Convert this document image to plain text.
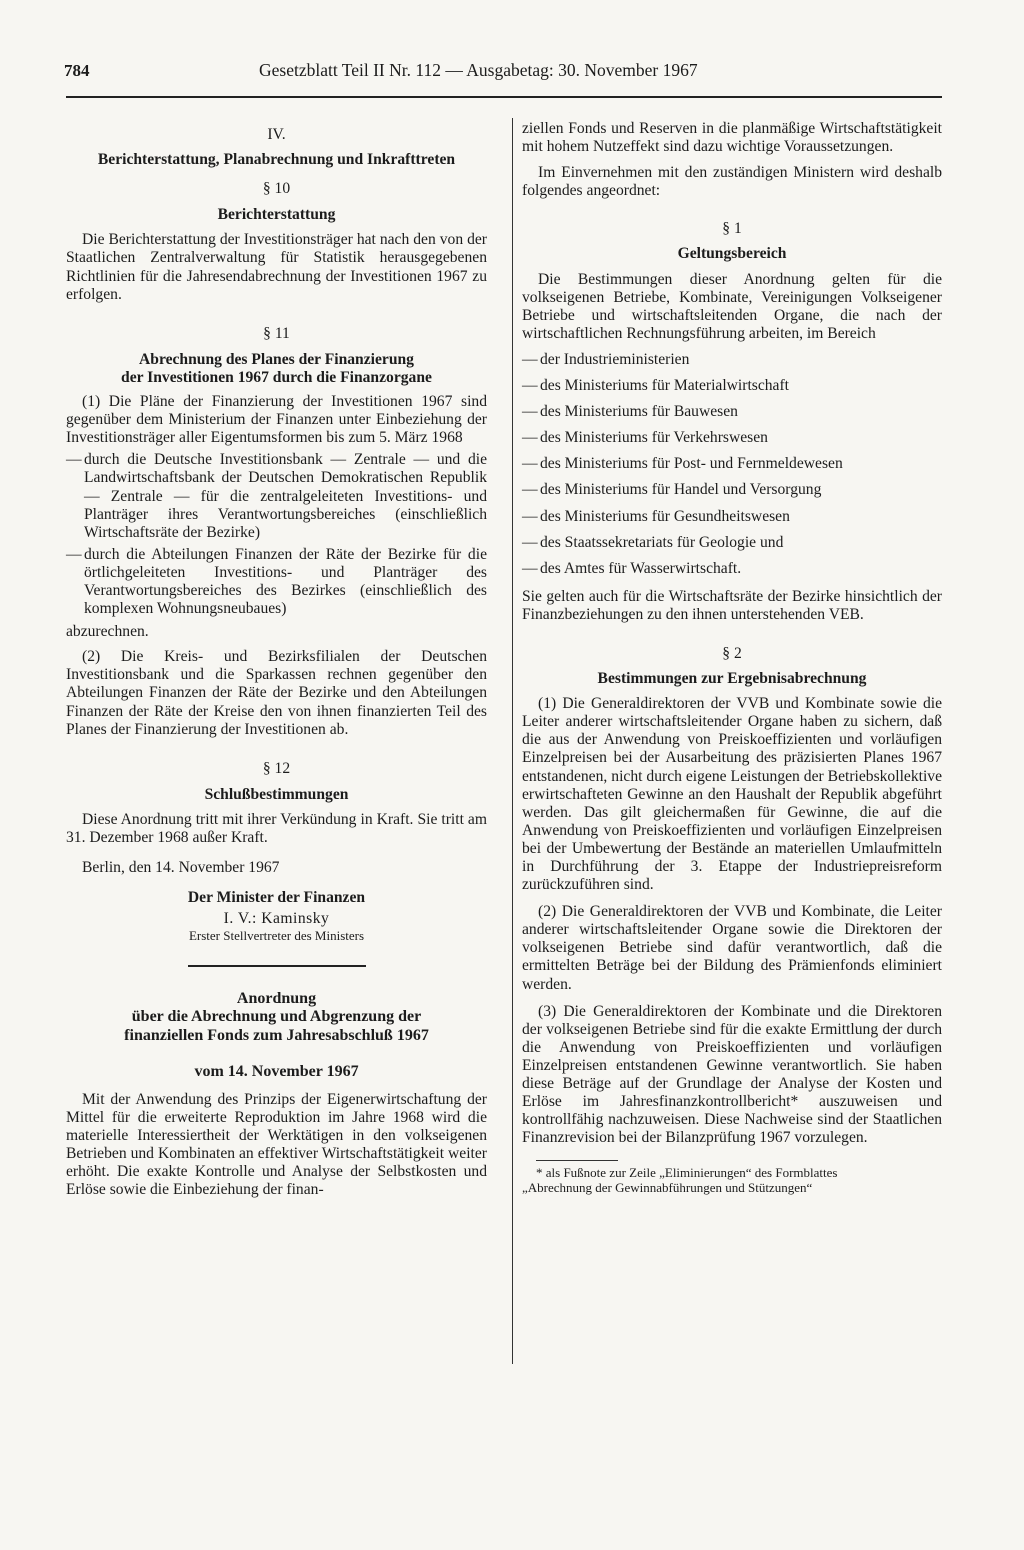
784	Gesetzblatt Teil II Nr. 112 — Ausgabetag: 30. November 1967

IV.

Berichterstattung, Planabrechnung und Inkrafttreten

§ 10

Berichterstattung

Die Berichterstattung der Investitionsträger hat nach den von der Staatlichen Zentralverwaltung für Statistik herausgegebenen Richtlinien für die Jahresendabrechnung der Investitionen 1967 zu erfolgen.

§ 11

Abrechnung des Planes der Finanzierung

der Investitionen 1967 durch die Finanzorgane

(1) Die Pläne der Finanzierung der Investitionen 1967 sind gegenüber dem Ministerium der Finanzen unter Einbeziehung der Investitionsträger aller Eigentumsformen bis zum 5. März 1968

— durch die Deutsche Investitionsbank — Zentrale — und die Landwirtschaftsbank der Deutschen Demokratischen Republik — Zentrale — für die zentralgeleiteten Investitions- und Planträger ihres Verantwortungsbereiches (einschließlich Wirtschaftsräte der Bezirke)
— durch die Abteilungen Finanzen der Räte der Bezirke für die örtlichgeleiteten Investitions- und Planträger des Verantwortungsbereiches des Bezirkes (einschließlich des komplexen Wohnungsneubaues)

abzurechnen.

(2) Die Kreis- und Bezirksfilialen der Deutschen Investitionsbank und die Sparkassen rechnen gegenüber den Abteilungen Finanzen der Räte der Bezirke und den Abteilungen Finanzen der Räte der Kreise den von ihnen finanzierten Teil des Planes der Finanzierung der Investitionen ab.

§ 12

Schlußbestimmungen

Diese Anordnung tritt mit ihrer Verkündung in Kraft. Sie tritt am 31. Dezember 1968 außer Kraft.

Berlin, den 14. November 1967

Der Minister der Finanzen

I. V.: Kaminsky

Erster Stellvertreter des Ministers

Anordnung

über die Abrechnung und Abgrenzung der

finanziellen Fonds zum Jahresabschluß 1967

vom 14. November 1967

Mit der Anwendung des Prinzips der Eigenerwirtschaftung der Mittel für die erweiterte Reproduktion im Jahre 1968 wird die materielle Interessiertheit der Werktätigen in den volkseigenen Betrieben und Kombinaten an effektiver Wirtschaftstätigkeit weiter erhöht. Die exakte Kontrolle und Analyse der Selbstkosten und Erlöse sowie die Einbeziehung der finan-

ziellen Fonds und Reserven in die planmäßige Wirtschaftstätigkeit mit hohem Nutzeffekt sind dazu wichtige Voraussetzungen.

Im Einvernehmen mit den zuständigen Ministern wird deshalb folgendes angeordnet:

§ 1

Geltungsbereich

Die Bestimmungen dieser Anordnung gelten für die volkseigenen Betriebe, Kombinate, Vereinigungen Volkseigener Betriebe und wirtschaftsleitenden Organe, die nach der wirtschaftlichen Rechnungsführung arbeiten, im Bereich

— der Industrieministerien
— des Ministeriums für Materialwirtschaft
— des Ministeriums für Bauwesen
— des Ministeriums für Verkehrswesen
— des Ministeriums für Post- und Fernmeldewesen
— des Ministeriums für Handel und Versorgung
— des Ministeriums für Gesundheitswesen
— des Staatssekretariats für Geologie und
— des Amtes für Wasserwirtschaft.

Sie gelten auch für die Wirtschaftsräte der Bezirke hinsichtlich der Finanzbeziehungen zu den ihnen unterstehenden VEB.

§ 2

Bestimmungen zur Ergebnisabrechnung

(1) Die Generaldirektoren der VVB und Kombinate sowie die Leiter anderer wirtschaftsleitender Organe haben zu sichern, daß die aus der Anwendung von Preiskoeffizienten und vorläufigen Einzelpreisen bei der Ausarbeitung des präzisierten Planes 1967 entstandenen, nicht durch eigene Leistungen der Betriebskollektive erwirtschafteten Gewinne an den Haushalt der Republik abgeführt werden. Das gilt gleichermaßen für Gewinne, die auf die Anwendung von Preiskoeffizienten und vorläufigen Einzelpreisen bei der Umbewertung der Bestände an materiellen Umlaufmitteln in Durchführung der 3. Etappe der Industriepreisreform zurückzuführen sind.

(2) Die Generaldirektoren der VVB und Kombinate, die Leiter anderer wirtschaftsleitender Organe sowie die Direktoren der volkseigenen Betriebe sind dafür verantwortlich, daß die ermittelten Beträge bei der Bildung des Prämienfonds eliminiert werden.

(3) Die Generaldirektoren der Kombinate und die Direktoren der volkseigenen Betriebe sind für die exakte Ermittlung der durch die Anwendung von Preiskoeffizienten und vorläufigen Einzelpreisen entstandenen Gewinne verantwortlich. Sie haben diese Beträge auf der Grundlage der Analyse der Kosten und Erlöse im Jahresfinanzkontrollbericht* auszuweisen und kontrollfähig nachzuweisen. Diese Nachweise sind der Staatlichen Finanzrevision bei der Bilanzprüfung 1967 vorzulegen.

* als Fußnote zur Zeile „Eliminierungen“ des Formblattes

„Abrechnung der Gewinnabführungen und Stützungen“
